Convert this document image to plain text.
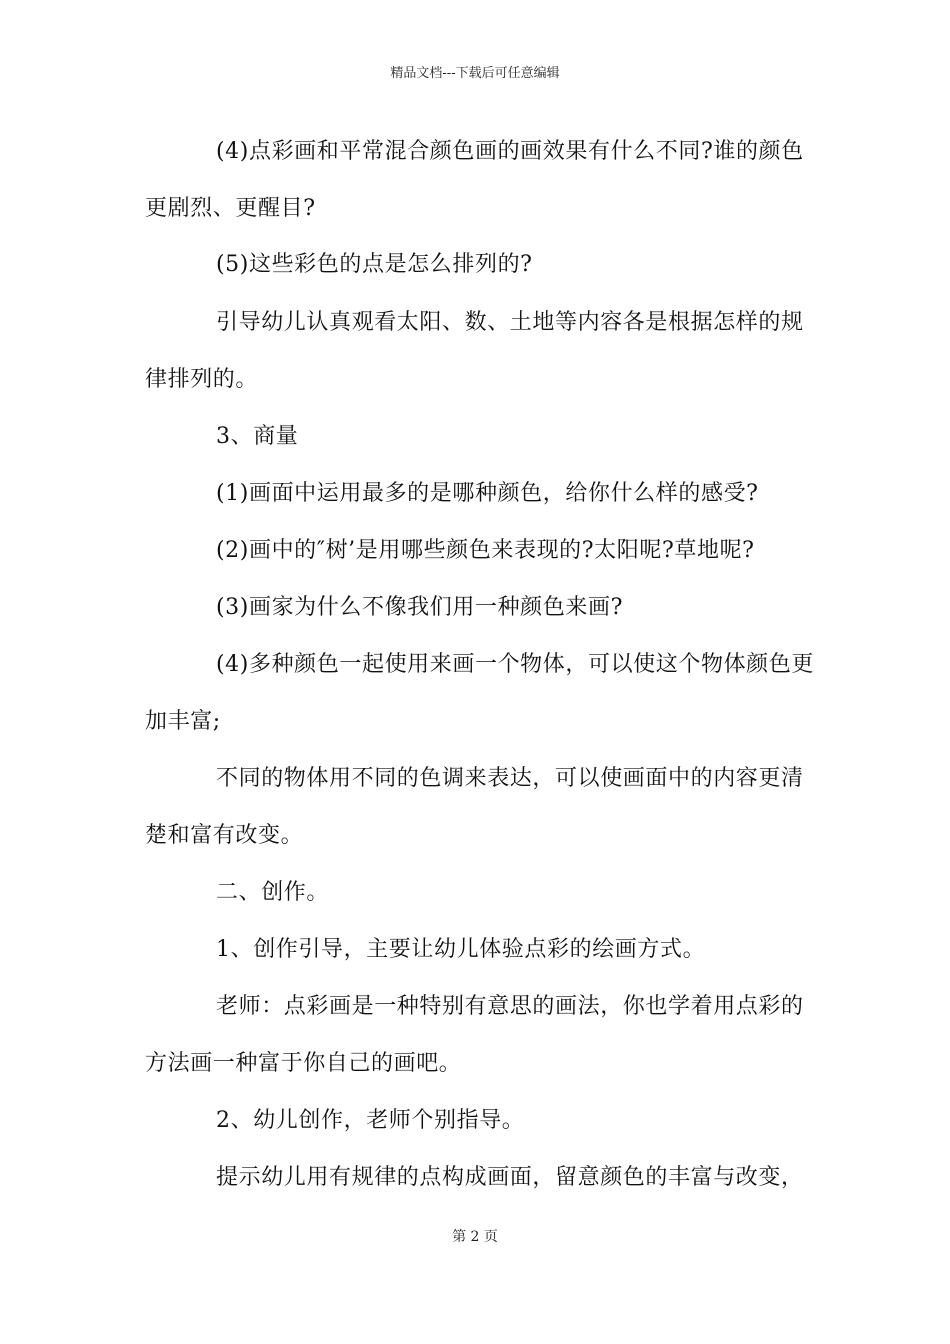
精品文档---下载后可任意编辑
(4)点彩画和平常混合颜色画的画效果有什么不同?谁的颜色
更剧烈、更醒目?
(5)这些彩色的点是怎么排列的?
引导幼儿认真观看太阳、数、土地等内容各是根据怎样的规
律排列的。
3、商量
(1)画面中运用最多的是哪种颜色，给你什么样的感受?
(2)画中的″树’是用哪些颜色来表现的?太阳呢?草地呢?
(3)画家为什么不像我们用一种颜色来画?
(4)多种颜色一起使用来画一个物体，可以使这个物体颜色更
加丰富;
不同的物体用不同的色调来表达，可以使画面中的内容更清
楚和富有改变。
二、创作。
1、创作引导，主要让幼儿体验点彩的绘画方式。
老师：点彩画是一种特别有意思的画法，你也学着用点彩的
方法画一种富于你自己的画吧。
2、幼儿创作，老师个别指导。
提示幼儿用有规律的点构成画面，留意颜色的丰富与改变，
第 2 页
